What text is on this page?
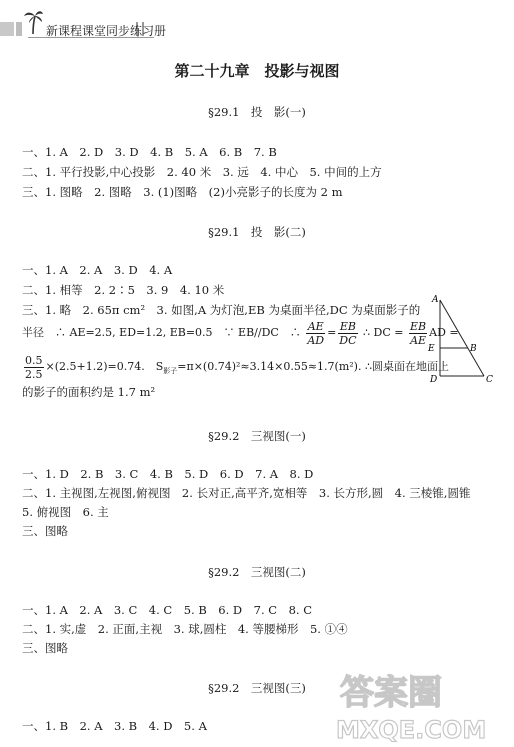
新课程课堂同步练习册
第二十九章　投影与视图
§29.1　投　影(一)
一、1. A　2. D　3. D　4. B　5. A　6. B　7. B
二、1. 平行投影,中心投影　2. 40 米　3. 远　4. 中心　5. 中间的上方
三、1. 图略　2. 图略　3. (1)图略　(2)小亮影子的长度为 2 m
§29.1　投　影(二)
一、1. A　2. A　3. D　4. A
二、1. 相等　2. 2∶5　3. 9　4. 10 米
三、1. 略　2. 65π cm²　3. 如图,A 为灯泡,EB 为桌面半径,DC 为桌面影子的
半径　∴ AE=2.5, ED=1.2, EB=0.5　∵ EB//DC　∴ $\frac{AE}{AD} = \frac{EB}{DC}$ ∴ DC = $\frac{EB}{AE}$ AD =
$\frac{0.5}{2.5} \times(2.5+1.2)=0.74$.　$S_{影子}=\pi\times(0.74)^2\approx 3.14\times 0.55\approx 1.7(m^2)$. ∴圆桌面在地面上
的影子的面积约是 1.7 m²
A
E	B
D	C
§29.2　三视图(一)
一、1. D　2. B　3. C　4. B　5. D　6. D　7. A　8. D
二、1. 主视图,左视图,俯视图　2. 长对正,高平齐,宽相等　3. 长方形,圆　4. 三棱锥,圆锥
5. 俯视图　6. 主
三、图略
§29.2　三视图(二)
一、1. A　2. A　3. C　4. C　5. B　6. D　7. C　8. C
二、1. 实,虚　2. 正面,主视　3. 球,圆柱　4. 等腰梯形　5. ①④
三、图略
§29.2　三视图(三)
一、1. B　2. A　3. B　4. D　5. A
答案圈
MXQE.COM
